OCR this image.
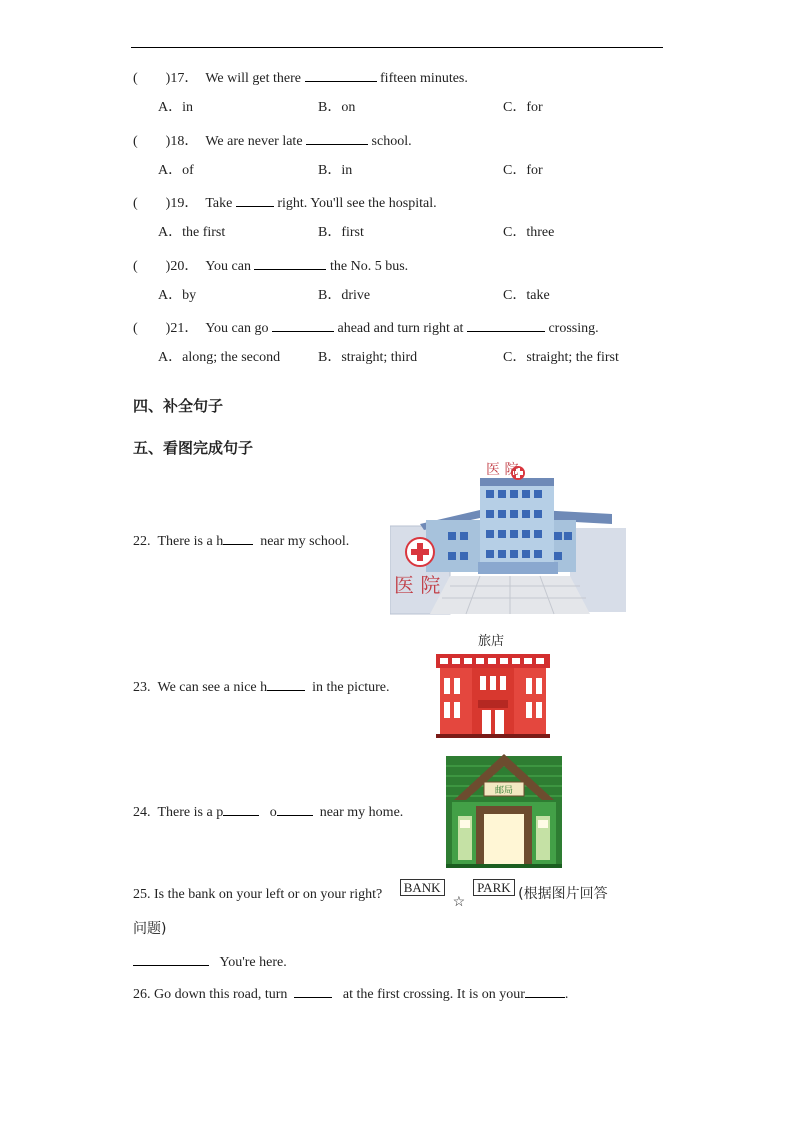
( )17．  We will get there	fifteen minutes.
A．in	B．on	C．for
( )18．  We are never late	school.
A．of	B．in	C．for
( )19．  Take	right. You'll see the hospital.
A．the first	B．first	C．three
( )20．  You can	the No. 5 bus.
A．by	B．drive	C．take
( )21．  You can go	ahead and turn right at	crossing.
A．along; the second	B．straight; third	C．straight; the first
四、补全句子
五、看图完成句子
22. There is a h	near my school.
医 院
医 院
旅店
23. We can see a nice h	in the picture.
24. There is a p	o	near my home.
邮局
25. Is the bank on your left or on your right? BANK☆PARK (根据图片回答
问题)
You're here.
26. Go down this road, turn	at the first crossing. It is on your	.
